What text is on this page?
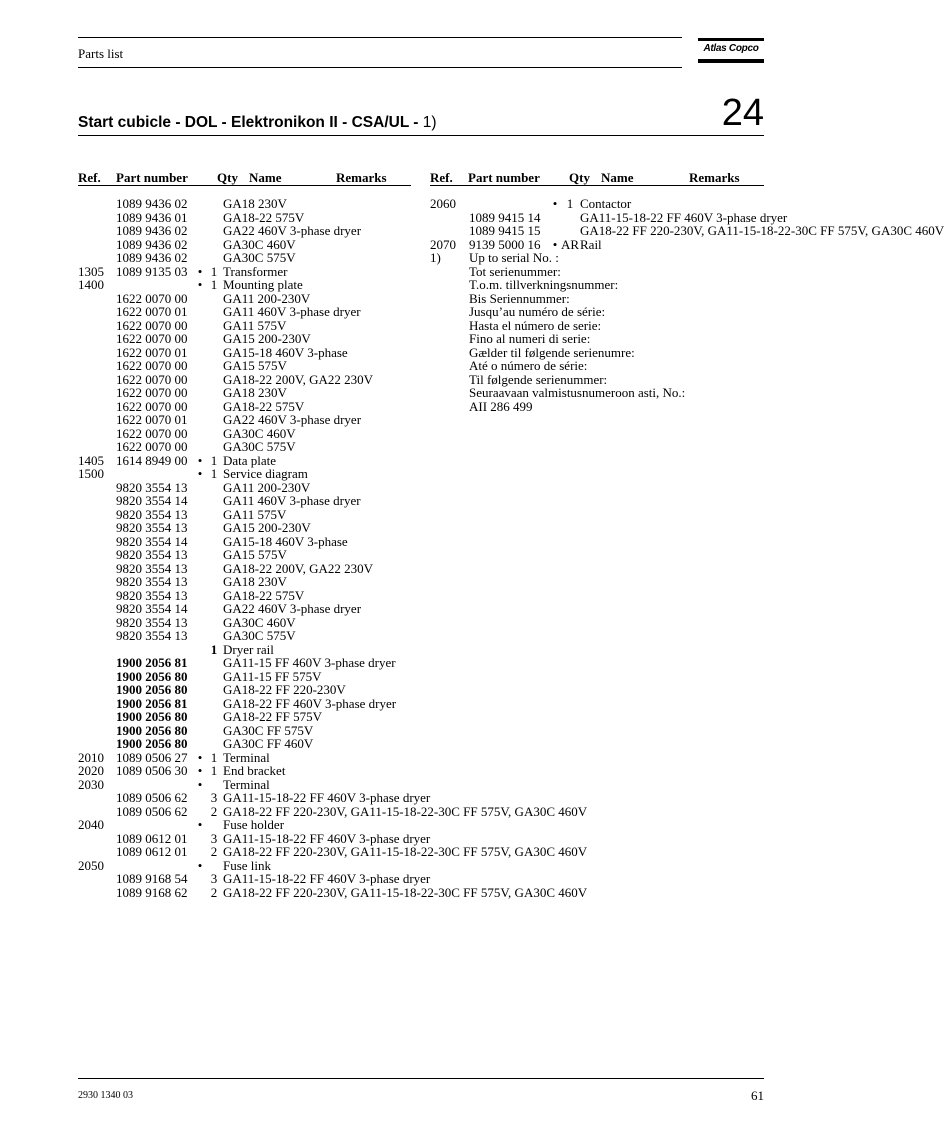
Parts list	Atlas Copco
Start cubicle - DOL - Elektronikon II - CSA/UL - 1)	24
Ref. Part number Qty Name	Remarks	Ref. Part number Qty Name	Remarks
1089 9436 02	GA18 230V
1089 9436 01	GA18-22 575V
1089 9436 02	GA22 460V 3-phase dryer
1089 9436 02	GA30C 460V
1089 9436 02	GA30C 575V
1305 1089 9135 03 • 1 Transformer
1400	• 1 Mounting plate
1622 0070 00	GA11 200-230V
1622 0070 01	GA11 460V 3-phase dryer
1622 0070 00	GA11 575V
1622 0070 00	GA15 200-230V
1622 0070 01	GA15-18 460V 3-phase
1622 0070 00	GA15 575V
1622 0070 00	GA18-22 200V, GA22 230V
1622 0070 00	GA18 230V
1622 0070 00	GA18-22 575V
1622 0070 01	GA22 460V 3-phase dryer
1622 0070 00	GA30C 460V
1622 0070 00	GA30C 575V
1405 1614 8949 00 • 1 Data plate
1500	• 1 Service diagram
9820 3554 13	GA11 200-230V
9820 3554 14	GA11 460V 3-phase dryer
9820 3554 13	GA11 575V
9820 3554 13	GA15 200-230V
9820 3554 14	GA15-18 460V 3-phase
9820 3554 13	GA15 575V
9820 3554 13	GA18-22 200V, GA22 230V
9820 3554 13	GA18 230V
9820 3554 13	GA18-22 575V
9820 3554 14	GA22 460V 3-phase dryer
9820 3554 13	GA30C 460V
9820 3554 13	GA30C 575V
1 Dryer rail
1900 2056 81	GA11-15 FF 460V 3-phase dryer
1900 2056 80	GA11-15 FF 575V
1900 2056 80	GA18-22 FF 220-230V
1900 2056 81	GA18-22 FF 460V 3-phase dryer
1900 2056 80	GA18-22 FF 575V
1900 2056 80	GA30C FF 575V
1900 2056 80	GA30C FF 460V
2010 1089 0506 27 • 1 Terminal
2020 1089 0506 30 • 1 End bracket
2030	• Terminal
1089 0506 62	3 GA11-15-18-22 FF 460V 3-phase dryer
1089 0506 62	2 GA18-22 FF 220-230V, GA11-15-18-22-30C FF 575V, GA30C 460V
2040	• Fuse holder
1089 0612 01	3 GA11-15-18-22 FF 460V 3-phase dryer
1089 0612 01	2 GA18-22 FF 220-230V, GA11-15-18-22-30C FF 575V, GA30C 460V
2050	• Fuse link
1089 9168 54	3 GA11-15-18-22 FF 460V 3-phase dryer
1089 9168 62	2 GA18-22 FF 220-230V, GA11-15-18-22-30C FF 575V, GA30C 460V
2060	• 1 Contactor
1089 9415 14	GA11-15-18-22 FF 460V 3-phase dryer
1089 9415 15	GA18-22 FF 220-230V, GA11-15-18-22-30C FF 575V, GA30C 460V
2070	9139 5000 16 • AR Rail
1)	Up to serial No. :
Tot serienummer:
T.o.m. tillverkningsnummer:
Bis Seriennummer:
Jusqu’au numéro de série:
Hasta el número de serie:
Fino al numeri di serie:
Gælder til følgende serienumre:
Até o número de série:
Til følgende serienummer:
Seuraavaan valmistusnumeroon asti, No.:
AII 286 499
2930 1340 03	61
